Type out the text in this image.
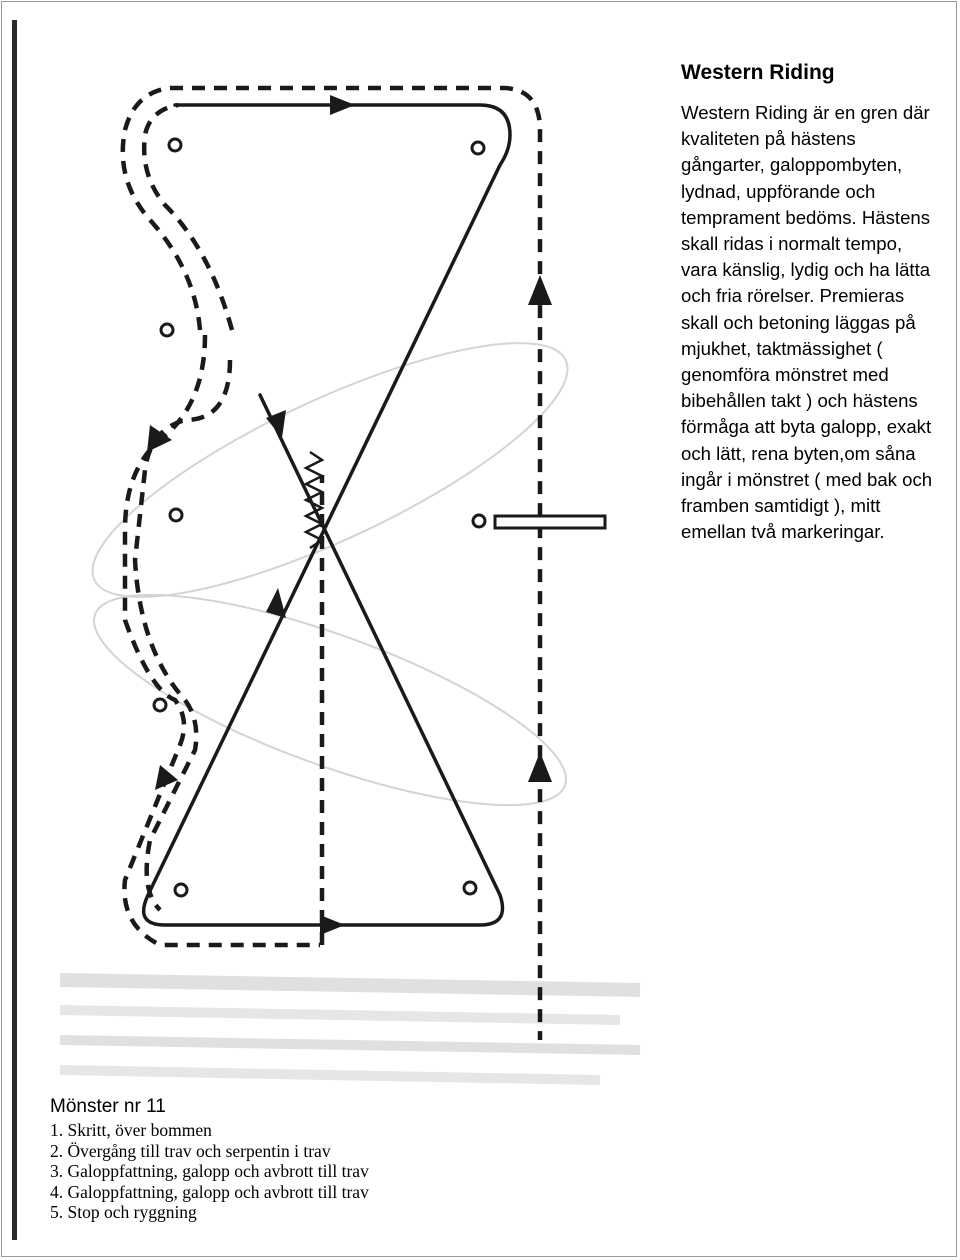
Western Riding

Western Riding är en gren där kvaliteten på hästens gångarter, galoppombyten, lydnad, uppförande och temprament bedöms. Hästens skall ridas i normalt tempo, vara känslig, lydig och ha lätta och fria rörelser. Premieras skall och betoning läggas på mjukhet, taktmässighet ( genomföra mönstret med bibehållen takt ) och hästens förmåga att byta galopp, exakt och lätt, rena byten,om såna ingår i mönstret ( med bak och framben samtidigt ), mitt emellan två markeringar.

Mönster nr 11
1. Skritt, över bommen
2. Övergång till trav och serpentin i trav
3. Galoppfattning, galopp och avbrott till trav
4. Galoppfattning, galopp och avbrott till trav
5. Stop och ryggning
